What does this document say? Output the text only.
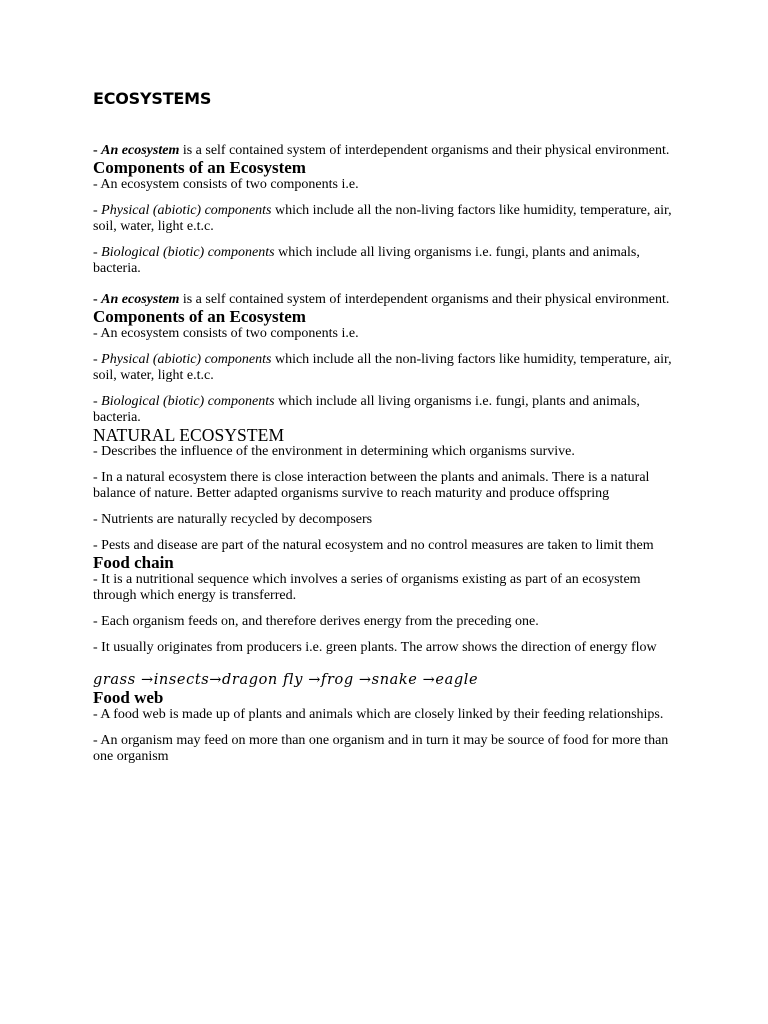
ECOSYSTEMS

- An ecosystem is a self contained system of interdependent organisms and their physical environment.

Components of an Ecosystem

- An ecosystem consists of two components i.e.

- Physical (abiotic) components which include all the non-living factors like humidity, temperature, air, soil, water, light e.t.c.

- Biological (biotic) components which include all living organisms i.e. fungi, plants and animals, bacteria.

- An ecosystem is a self contained system of interdependent organisms and their physical environment.

Components of an Ecosystem

- An ecosystem consists of two components i.e.

- Physical (abiotic) components which include all the non-living factors like humidity, temperature, air, soil, water, light e.t.c.

- Biological (biotic) components which include all living organisms i.e. fungi, plants and animals, bacteria.

NATURAL ECOSYSTEM

- Describes the influence of the environment in determining which organisms survive.

- In a natural ecosystem there is close interaction between the plants and animals. There is a natural balance of nature. Better adapted organisms survive to reach maturity and produce offspring

- Nutrients are naturally recycled by decomposers

- Pests and disease are part of the natural ecosystem and no control measures are taken to limit them

Food chain

- It is a nutritional sequence which involves a series of organisms existing as part of an ecosystem through which energy is transferred.

- Each organism feeds on, and therefore derives energy from the preceding one.

- It usually originates from producers i.e. green plants. The arrow shows the direction of energy flow

grass →insects→dragon fly →frog →snake →eagle
Food web

- A food web is made up of plants and animals which are closely linked by their feeding relationships.

- An organism may feed on more than one organism and in turn it may be source of food for more than one organism
